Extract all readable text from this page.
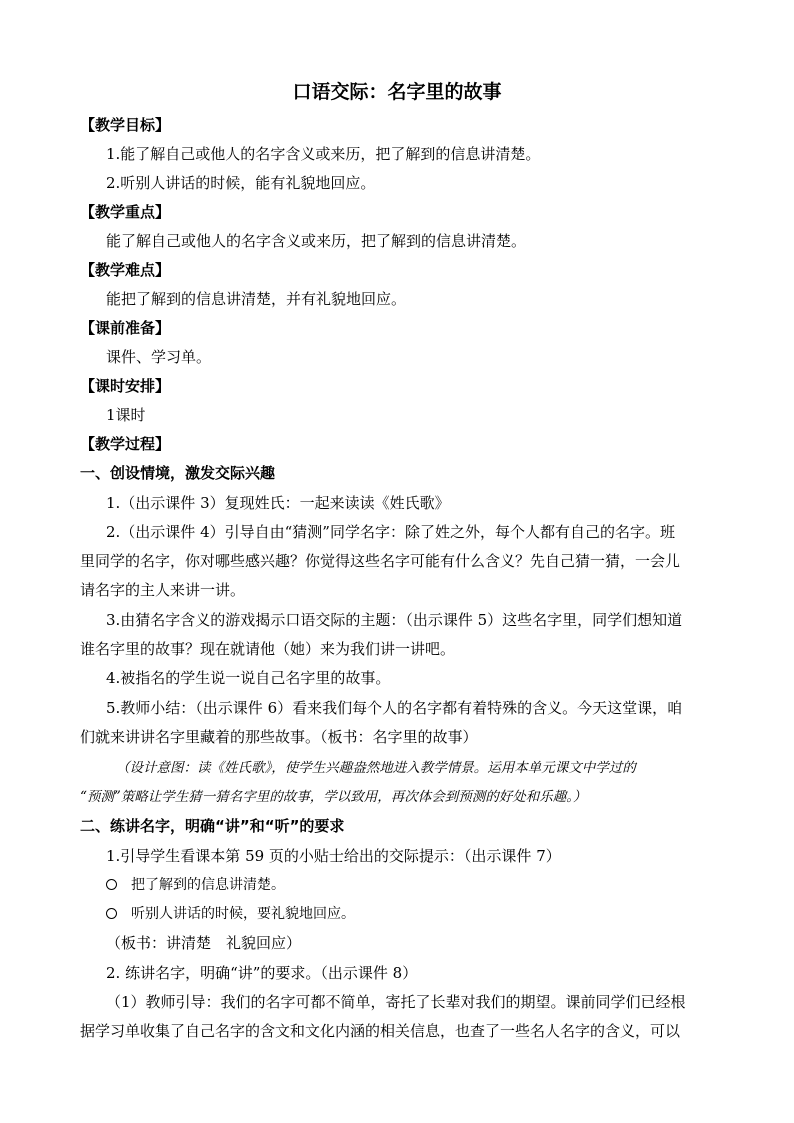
口语交际：名字里的故事
【教学目标】
1.能了解自己或他人的名字含义或来历，把了解到的信息讲清楚。
2.听别人讲话的时候，能有礼貌地回应。
【教学重点】
能了解自己或他人的名字含义或来历，把了解到的信息讲清楚。
【教学难点】
能把了解到的信息讲清楚，并有礼貌地回应。
【课前准备】
课件、学习单。
【课时安排】
1课时
【教学过程】
一、创设情境，激发交际兴趣
1.（出示课件 3）复现姓氏：一起来读读《姓氏歌》
2.（出示课件 4）引导自由“猜测”同学名字：除了姓之外，每个人都有自己的名字。班
里同学的名字，你对哪些感兴趣？你觉得这些名字可能有什么含义？先自己猜一猜，一会儿
请名字的主人来讲一讲。
3.由猜名字含义的游戏揭示口语交际的主题：（出示课件 5）这些名字里，同学们想知道
谁名字里的故事？现在就请他（她）来为我们讲一讲吧。
4.被指名的学生说一说自己名字里的故事。
5.教师小结：（出示课件 6）看来我们每个人的名字都有着特殊的含义。今天这堂课，咱
们就来讲讲名字里藏着的那些故事。（板书：名字里的故事）
（设计意图：读《姓氏歌》，使学生兴趣盎然地进入教学情景。运用本单元课文中学过的
“预测”策略让学生猜一猜名字里的故事，学以致用，再次体会到预测的好处和乐趣。）
二、练讲名字，明确“讲”和“听”的要求
1.引导学生看课本第 59 页的小贴士给出的交际提示：（出示课件 7）
把了解到的信息讲清楚。
听别人讲话的时候，要礼貌地回应。
（板书：讲清楚　礼貌回应）
2. 练讲名字，明确“讲”的要求。（出示课件 8）
（1）教师引导：我们的名字可都不简单，寄托了长辈对我们的期望。课前同学们已经根
据学习单收集了自己名字的含文和文化内涵的相关信息，也查了一些名人名字的含义，可以
